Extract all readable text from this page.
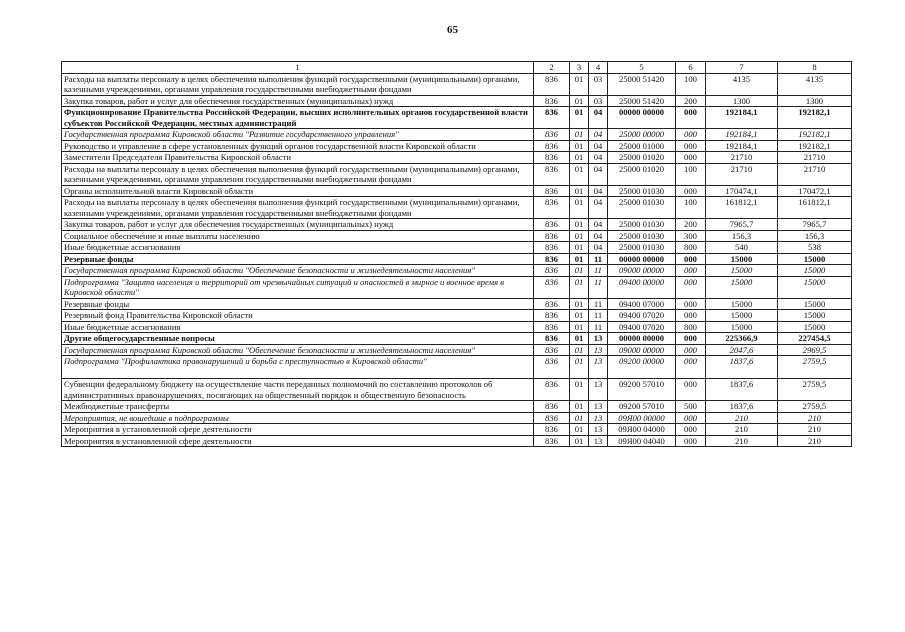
65
1	2	3	4	5	6	7	8
Расходы на выплаты персоналу в целях обеспечения выполнения функций государственными (муниципальными) органами, казенными учреждениями, органами управления государственными внебюджетными фондами	836	01	03	25000 51420	100	4135	4135
Закупка товаров, работ и услуг для обеспечения государственных (муниципальных) нужд	836	01	03	25000 51420	200	1300	1300
Функционирование Правительства Российской Федерации, высших исполнительных органов государственной власти субъектов Российской Федерации, местных администраций	836	01	04	00000 00000	000	192184,1	192182,1
Государственная программа Кировской области "Развитие государственного управления"	836	01	04	25000 00000	000	192184,1	192182,1
Руководство и управление в сфере установленных функций органов государственной власти Кировской области	836	01	04	25000 01000	000	192184,1	192182,1
Заместители Председателя Правительства Кировской области	836	01	04	25000 01020	000	21710	21710
Расходы на выплаты персоналу в целях обеспечения выполнения функций государственными (муниципальными) органами, казенными учреждениями, органами управления государственными внебюджетными фондами	836	01	04	25000 01020	100	21710	21710
Органы исполнительной власти Кировской области	836	01	04	25000 01030	000	170474,1	170472,1
Расходы на выплаты персоналу в целях обеспечения выполнения функций государственными (муниципальными) органами, казенными учреждениями, органами управления государственными внебюджетными фондами	836	01	04	25000 01030	100	161812,1	161812,1
Закупка товаров, работ и услуг для обеспечения государственных (муниципальных) нужд	836	01	04	25000 01030	200	7965,7	7965,7
Социальное обеспечение и иные выплаты населению	836	01	04	25000 01030	300	156,3	156,3
Иные бюджетные ассигнования	836	01	04	25000 01030	800	540	538
Резервные фонды	836	01	11	00000 00000	000	15000	15000
Государственная программа Кировской области "Обеспечение безопасности и жизнедеятельности населения"	836	01	11	09000 00000	000	15000	15000
Подпрограмма "Защита населения и территорий от чрезвычайных ситуаций и опасностей в мирное и военное время в Кировской области"	836	01	11	09400 00000	000	15000	15000
Резервные фонды	836	01	11	09400 07000	000	15000	15000
Резервный фонд Правительства Кировской области	836	01	11	09400 07020	000	15000	15000
Иные бюджетные ассигнования	836	01	11	09400 07020	800	15000	15000
Другие общегосударственные вопросы	836	01	13	00000 00000	000	225366,9	227454,5
Государственная программа Кировской области "Обеспечение безопасности и жизнедеятельности населения"	836	01	13	09000 00000	000	2047,6	2969,5
Подпрограмма "Профилактика правонарушений и борьба с преступностью в Кировской области"	836	01	13	09200 00000	000	1837,6	2759,5
Субвенции федеральному бюджету на осуществление части переданных полномочий по составлению протоколов об административных правонарушениях, посягающих на общественный порядок и общественную безопасность	836	01	13	09200 57010	000	1837,6	2759,5
Межбюджетные трансферты	836	01	13	09200 57010	500	1837,6	2759,5
Мероприятия, не вошедшие в подпрограммы	836	01	13	09Я00 00000	000	210	210
Мероприятия в установленной сфере деятельности	836	01	13	09Я00 04000	000	210	210
Мероприятия в установленной сфере деятельности	836	01	13	09Я00 04040	000	210	210
